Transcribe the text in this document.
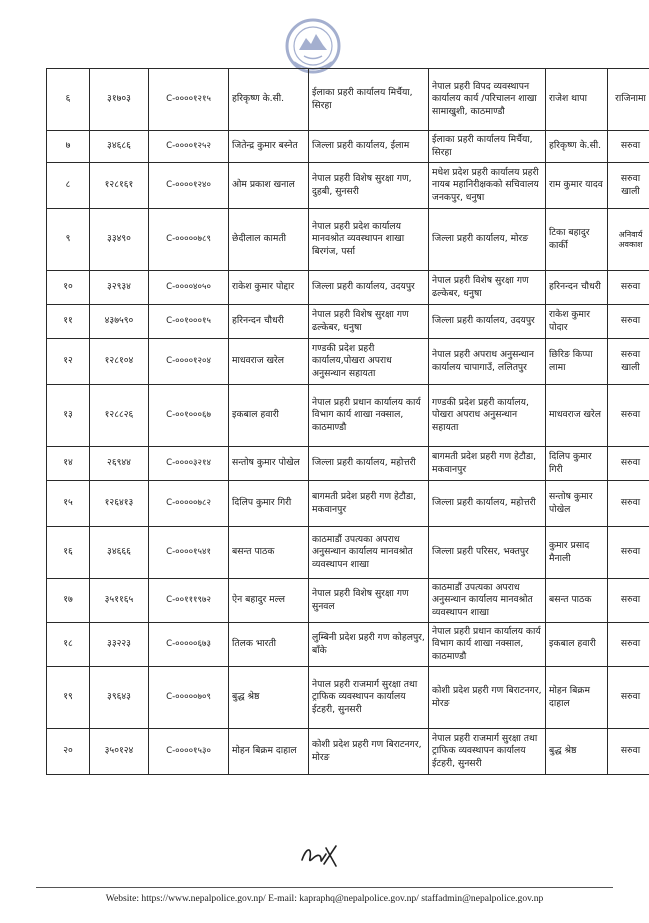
६	३१७०३	C-००००१२१५	हरिकृष्ण के.सी.	ईलाका प्रहरी कार्यालय मिर्चैया, सिरहा	नेपाल प्रहरी विपद व्यवस्थापन कार्यालय कार्य /परिचालन शाखा सामाखुशी, काठमाण्डौ	राजेश थापा	राजिनामा
७	३४६८६	C-००००१२५२	जितेन्द्र कुमार बस्नेत	जिल्ला प्रहरी कार्यालय, ईलाम	ईलाका प्रहरी कार्यालय मिर्चैया, सिरहा	हरिकृष्ण के.सी.	सरुवा
८	१२८१६१	C-००००१२४०	ओम प्रकाश खनाल	नेपाल प्रहरी विशेष सुरक्षा गण, दुहबी, सुनसरी	मधेश प्रदेश प्रहरी कार्यालय प्रहरी नायब महानिरीक्षकको सचिवालय जनकपुर, धनुषा	राम कुमार यादव	सरुवा खाली
९	३३४९०	C-०००००७८९	छेदीलाल कामती	नेपाल प्रहरी प्रदेश कार्यालय मानवश्रोत व्यवस्थापन शाखा बिरगंज, पर्सा	जिल्ला प्रहरी कार्यालय, मोरङ	टिका बहादुर कार्की	अनिवार्य अवकाश
१०	३२९३४	C-००००४०५०	राकेश कुमार पोद्दार	जिल्ला प्रहरी कार्यालय, उदयपुर	नेपाल प्रहरी विशेष सुरक्षा गण ढल्केबर, धनुषा	हरिनन्दन चौधरी	सरुवा
११	४३७५९०	C-००१०००१५	हरिनन्दन चौधरी	नेपाल प्रहरी विशेष सुरक्षा गण ढल्केबर, धनुषा	जिल्ला प्रहरी कार्यालय, उदयपुर	राकेश कुमार पोदार	सरुवा
१२	१२८१०४	C-००००१२०४	माधवराज खरेल	गण्डकी प्रदेश प्रहरी कार्यालय,पोखरा अपराध अनुसन्धान सहायता	नेपाल प्रहरी अपराध अनुसन्धान कार्यालय चापागाउँ, ललितपुर	छिरिङ किप्पा लामा	सरुवा खाली
१३	१२८८२६	C-००१०००६७	इकबाल हवारी	नेपाल प्रहरी प्रधान कार्यालय कार्य विभाग कार्य शाखा नक्साल, काठमाण्डौ	गण्डकी प्रदेश प्रहरी कार्यालय, पोखरा अपराध अनुसन्धान सहायता	माधवराज खरेल	सरुवा
१४	२६९४४	C-००००३२१४	सन्तोष कुमार पोखेल	जिल्ला प्रहरी कार्यालय, महोत्तरी	बागमती प्रदेश प्रहरी गण हेटौडा, मकवानपुर	दिलिप कुमार गिरी	सरुवा
१५	१२६४१३	C-०००००७८२	दिलिप कुमार गिरी	बागमती प्रदेश प्रहरी गण हेटौडा, मकवानपुर	जिल्ला प्रहरी कार्यालय, महोत्तरी	सन्तोष कुमार पोखेल	सरुवा
१६	३४६६६	C-००००१५४१	बसन्त पाठक	काठमाडौं उपत्यका अपराध अनुसन्धान कार्यालय मानवश्रोत व्यवस्थापन शाखा	जिल्ला प्रहरी परिसर, भक्तपुर	कुमार प्रसाद मैनाली	सरुवा
१७	३५११६५	C-००१११९७२	ऐन बहादुर मल्ल	नेपाल प्रहरी विशेष सुरक्षा गण सुनवल	काठमाडौं उपत्यका अपराध अनुसन्धान कार्यालय मानवश्रोत व्यवस्थापन शाखा	बसन्त पाठक	सरुवा
१८	३३२२३	C-०००००६७३	तिलक भारती	लुम्बिनी प्रदेश प्रहरी गण कोहलपुर, बाँके	नेपाल प्रहरी प्रधान कार्यालय कार्य विभाग कार्य शाखा नक्साल, काठमाण्डौ	इकबाल हवारी	सरुवा
१९	३९६४३	C-०००००७०९	बुद्ध श्रेष्ठ	नेपाल प्रहरी राजमार्ग सुरक्षा तथा ट्राफिक व्यवस्थापन कार्यालय ईटहरी, सुनसरी	कोशी प्रदेश प्रहरी गण बिराटनगर, मोरङ	मोहन बिक्रम दाहाल	सरुवा
२०	३५०१२४	C-००००१५३०	मोहन बिक्रम दाहाल	कोशी प्रदेश प्रहरी गण बिराटनगर, मोरङ	नेपाल प्रहरी राजमार्ग सुरक्षा तथा ट्राफिक व्यवस्थापन कार्यालय ईटहरी, सुनसरी	बुद्ध श्रेष्ठ	सरुवा
Website: https://www.nepalpolice.gov.np/ E-mail: kapraphq@nepalpolice.gov.np/ staffadmin@nepalpolice.gov.np
